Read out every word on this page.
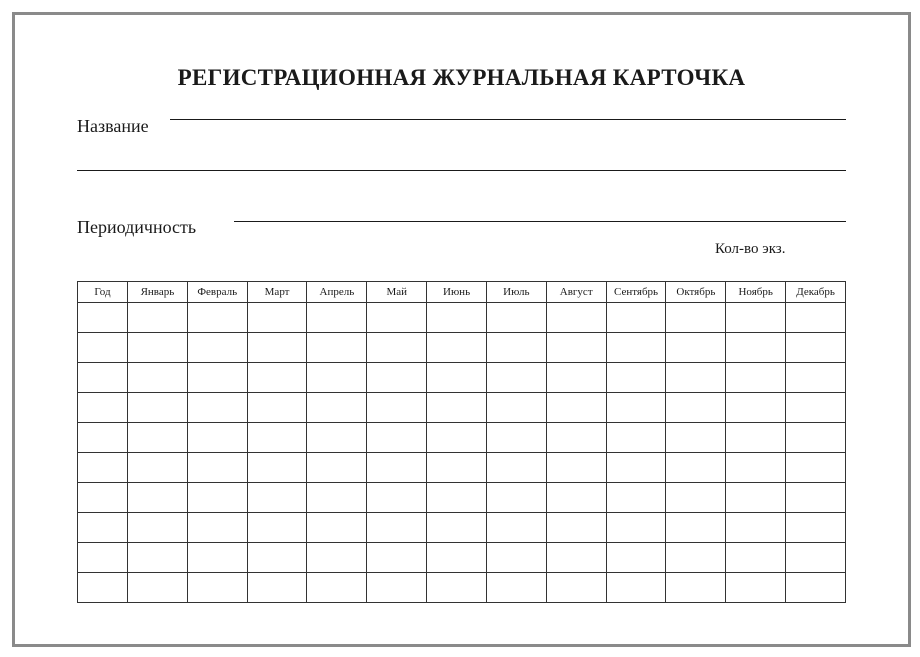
РЕГИСТРАЦИОННАЯ ЖУРНАЛЬНАЯ КАРТОЧКА
Название
Периодичность
Кол-во экз.
Год	Январь	Февраль	Март	Апрель	Май	Июнь	Июль	Август	Сентябрь	Октябрь	Ноябрь	Декабрь
